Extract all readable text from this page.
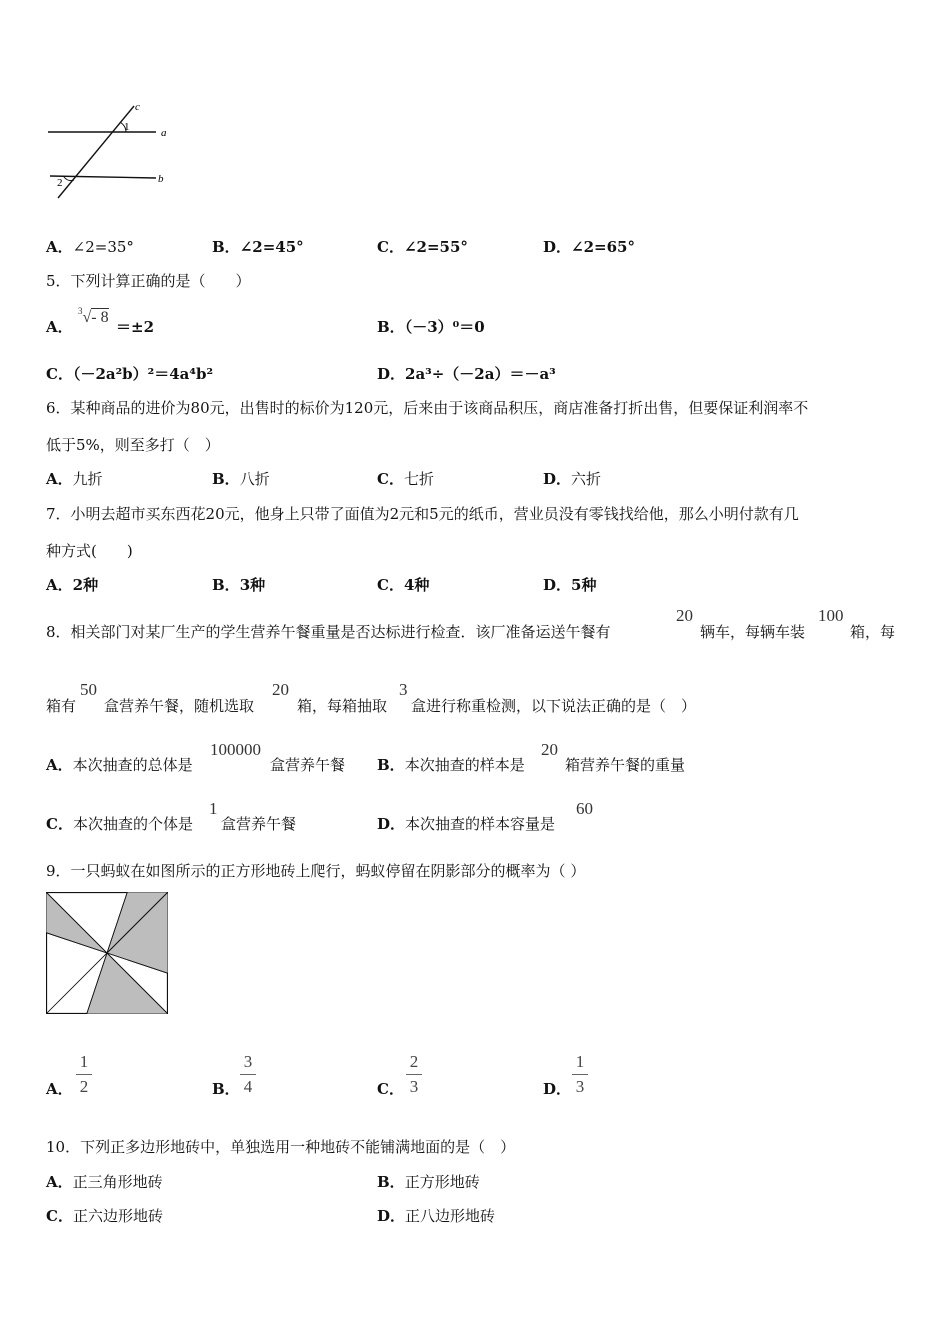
c
a
b
1
2
A．∠2=35°	B．∠2=45°	C．∠2=55°	D．∠2=65°
5．下列计算正确的是（　　）
A．
$^3$√- 8
＝±2	B．（－3）⁰＝0
C．（－2a²b）²＝4a⁴b²	D．2a³÷（－2a）＝－a³
6．某种商品的进价为80元，出售时的标价为120元，后来由于该商品积压，商店准备打折出售，但要保证利润率不
低于5%，则至多打（　）
A．九折	B．八折	C．七折	D．六折
7．小明去超市买东西花20元，他身上只带了面值为2元和5元的纸币，营业员没有零钱找给他，那么小明付款有几
种方式(　　)
A．2种	B．3种	C．4种	D．5种
8．相关部门对某厂生产的学生营养午餐重量是否达标进行检查．该厂准备运送午餐有
20
辆车，每辆车装
100
箱，每
箱有
50
盒营养午餐，随机选取
20
箱，每箱抽取
3
盒进行称重检测，以下说法正确的是（　）
A．本次抽查的总体是
100000
盒营养午餐 B．本次抽查的样本是
20
箱营养午餐的重量
C．本次抽查的个体是
1
盒营养午餐	D．本次抽查的样本容量是
60
9．一只蚂蚁在如图所示的正方形地砖上爬行，蚂蚁停留在阴影部分的概率为（ ）
A．
1
2	B．
3
4	C．
2
3	D．
1
3
10．下列正多边形地砖中，单独选用一种地砖不能铺满地面的是（　）
A．正三角形地砖	B．正方形地砖
C．正六边形地砖	D．正八边形地砖
